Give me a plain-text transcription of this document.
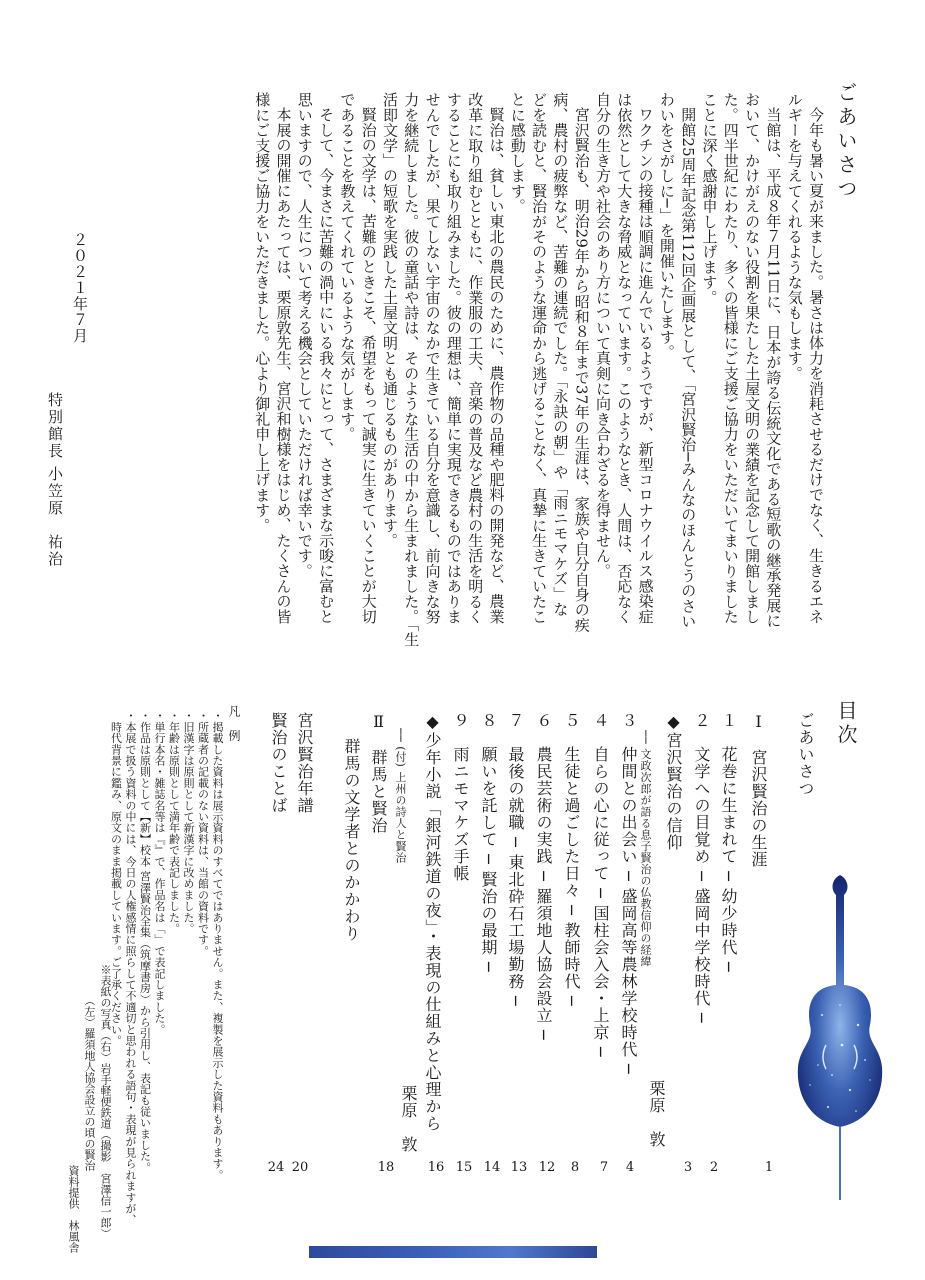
ごあいさつ
２０２１年７月
特別館長
小笠原　祐治
目次
凡　例
今年も暑い夏が来ました。暑さは体力を消耗させるだけでなく、生きるエネ
ルギーを与えてくれるような気もします。
当館は、平成８年７月11日に、日本が誇る伝統文化である短歌の継承発展に
おいて、かけがえのない役割を果たした土屋文明の業績を記念して開館しまし
た。四半世紀にわたり、多くの皆様にご支援ご協力をいただいてまいりました
ことに深く感謝申し上げます。
開館25周年記念第112回企画展として、「宮沢賢治─みんなのほんとうのさい
わいをさがしに─」を開催いたします。
ワクチンの接種は順調に進んでいるようですが、新型コロナウイルス感染症
は依然として大きな脅威となっています。このようなとき、人間は、否応なく
自分の生き方や社会のあり方について真剣に向き合わざるを得ません。
宮沢賢治も、明治29年から昭和８年まで37年の生涯は、家族や自分自身の疾
病、農村の疲弊など、苦難の連続でした。「永訣の朝」や「雨ニモマケズ」な
どを読むと、賢治がそのような運命から逃げることなく、真摯に生きていたこ
とに感動します。
賢治は、貧しい東北の農民のために、農作物の品種や肥料の開発など、農業
改革に取り組むとともに、作業服の工夫、音楽の普及など農村の生活を明るく
することにも取り組みました。彼の理想は、簡単に実現できるものではありま
せんでしたが、果てしない宇宙のなかで生きている自分を意識し、前向きな努
力を継続しました。彼の童話や詩は、そのような生活の中から生まれました。「生
活即文学」の短歌を実践した土屋文明とも通じるものがあります。
賢治の文学は、苦難のときこそ、希望をもって誠実に生きていくことが大切
であることを教えてくれているような気がします。
そして、今まさに苦難の渦中にいる我々にとって、さまざまな示唆に富むと
思いますので、人生について考える機会としていただければ幸いです。
本展の開催にあたっては、栗原敦先生、宮沢和樹様をはじめ、たくさんの皆
様にご支援ご協力をいただきました。心より御礼申し上げます。
ごあいさつ
1
Ⅰ　宮沢賢治の生涯
１　花巻に生まれて ─ 幼少時代 ─
2
２　文学への目覚め ─ 盛岡中学校時代 ─
3
◆宮沢賢治の信仰
── 文政次郎が語る息子賢治の仏教信仰の経緯
栗原　敦
4
３　仲間との出会い ─ 盛岡高等農林学校時代 ─
7
４　自らの心に従って ─ 国柱会入会・上京 ─
8
５　生徒と過ごした日々 ─ 教師時代 ─
12
６　農民芸術の実践 ─ 羅須地人協会設立 ─
13
７　最後の就職 ─ 東北砕石工場勤務 ─
14
８　願いを託して ─ 賢治の最期 ─
15
９　雨ニモマケズ手帳
◆少年小説「銀河鉄道の夜」・表現の仕組みと心理から
16
── (付) 上州の詩人と賢治
栗原　敦
Ⅱ　群馬と賢治
18
群馬の文学者とのかかわり
宮沢賢治年譜
20
賢治のことば
24
・掲載した資料は展示資料のすべてではありません。また、複製を展示した資料もあります。
・所蔵者の記載のない資料は、当館の資料です。
・旧漢字は原則として新漢字に改めました。
・年齢は原則として満年齢で表記しました。
・単行本名・雑誌名等は『』で、作品名は「」で表記しました。
・作品は原則として【新】校本 宮澤賢治全集（筑摩書房）から引用し、表記も従いました。
・本展で扱う資料の中には、今日の人権感情に照らして不適切と思われる語句・表現が見られますが、
　時代背景に鑑み、原文のまま掲載しています。ご了承ください。
※表紙の写真（右）岩手軽便鉄道（撮影　宮澤信一郎）
（左）羅須地人協会設立の頃の賢治
資料提供　林風舎
